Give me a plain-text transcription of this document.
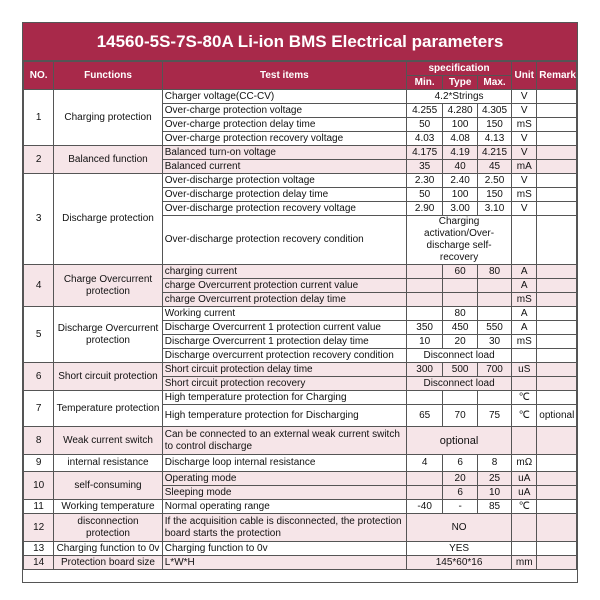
14560-5S-7S-80A Li-ion BMS Electrical parameters
NO.	Functions	Test items	specification			Unit	Remark
			Min.	Type	Max.		
1	Charging protection	Charger voltage(CC-CV)	4.2*Strings			V	
		Over-charge protection voltage	4.255	4.280	4.305	V	
		Over-charge protection delay time	50	100	150	mS	
		Over-charge protection recovery voltage	4.03	4.08	4.13	V	
2	Balanced function	Balanced turn-on voltage	4.175	4.19	4.215	V	
		Balanced current	35	40	45	mA	
3	Discharge protection	Over-discharge protection voltage	2.30	2.40	2.50	V	
		Over-discharge protection delay time	50	100	150	mS	
		Over-discharge protection recovery voltage	2.90	3.00	3.10	V	
		Over-discharge protection recovery condition	Charging activation/Over-discharge self-recovery				
4	Charge Overcurrent protection	charging current		60	80	A	
		charge Overcurrent protection current value				A	
		charge Overcurrent protection delay time				mS	
5	Discharge Overcurrent protection	Working current		80		A	
		Discharge Overcurrent 1 protection current value	350	450	550	A	
		Discharge Overcurrent 1 protection delay time	10	20	30	mS	
		Discharge overcurrent protection recovery condition	Disconnect load				
6	Short circuit protection	Short circuit protection delay time	300	500	700	uS	
		Short circuit protection recovery	Disconnect load				
7	Temperature protection	High temperature protection for Charging				℃	
		High temperature protection for Discharging	65	70	75	℃	optional
8	Weak current switch	Can be connected to an external weak current switch to control discharge	optional				
9	internal resistance	Discharge loop internal resistance	4	6	8	mΩ	
10	self-consuming	Operating mode		20	25	uA	
		Sleeping mode		6	10	uA	
11	Working temperature	Normal operating range	-40	-	85	℃	
12	disconnection protection	If the acquisition cable is disconnected, the protection board starts the protection	NO				
13	Charging function to 0v	Charging function to 0v	YES				
14	Protection board size	L*W*H	145*60*16			mm	
